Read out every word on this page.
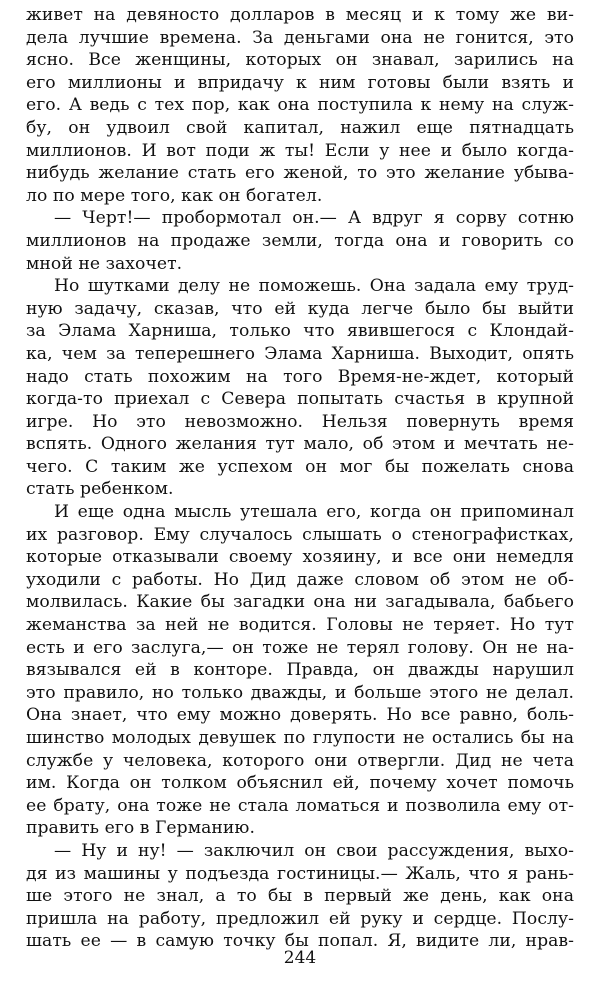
живет на девяносто долларов в месяц и к тому же ви-
дела лучшие времена. За деньгами она не гонится, это
ясно. Все женщины, которых он знавал, зарились на
его миллионы и впридачу к ним готовы были взять и
его. А ведь с тех пор, как она поступила к нему на служ-
бу, он удвоил свой капитал, нажил еще пятнадцать
миллионов. И вот поди ж ты! Если у нее и было когда-
нибудь желание стать его женой, то это желание убыва-
ло по мере того, как он богател.
— Черт!— пробормотал он.— А вдруг я сорву сотню
миллионов на продаже земли, тогда она и говорить со
мной не захочет.
Но шутками делу не поможешь. Она задала ему труд-
ную задачу, сказав, что ей куда легче было бы выйти
за Элама Харниша, только что явившегося с Клондай-
ка, чем за теперешнего Элама Харниша. Выходит, опять
надо стать похожим на того Время-не-ждет, который
когда-то приехал с Севера попытать счастья в крупной
игре. Но это невозможно. Нельзя повернуть время
вспять. Одного желания тут мало, об этом и мечтать не-
чего. С таким же успехом он мог бы пожелать снова
стать ребенком.
И еще одна мысль утешала его, когда он припоминал
их разговор. Ему случалось слышать о стенографистках,
которые отказывали своему хозяину, и все они немедля
уходили с работы. Но Дид даже словом об этом не об-
молвилась. Какие бы загадки она ни загадывала, бабьего
жеманства за ней не водится. Головы не теряет. Но тут
есть и его заслуга,— он тоже не терял голову. Он не на-
вязывался ей в конторе. Правда, он дважды нарушил
это правило, но только дважды, и больше этого не делал.
Она знает, что ему можно доверять. Но все равно, боль-
шинство молодых девушек по глупости не остались бы на
службе у человека, которого они отвергли. Дид не чета
им. Когда он толком объяснил ей, почему хочет помочь
ее брату, она тоже не стала ломаться и позволила ему от-
править его в Германию.
— Ну и ну! — заключил он свои рассуждения, выхо-
дя из машины у подъезда гостиницы.— Жаль, что я рань-
ше этого не знал, а то бы в первый же день, как она
пришла на работу, предложил ей руку и сердце. Послу-
шать ее — в самую точку бы попал. Я, видите ли, нрав-
244
